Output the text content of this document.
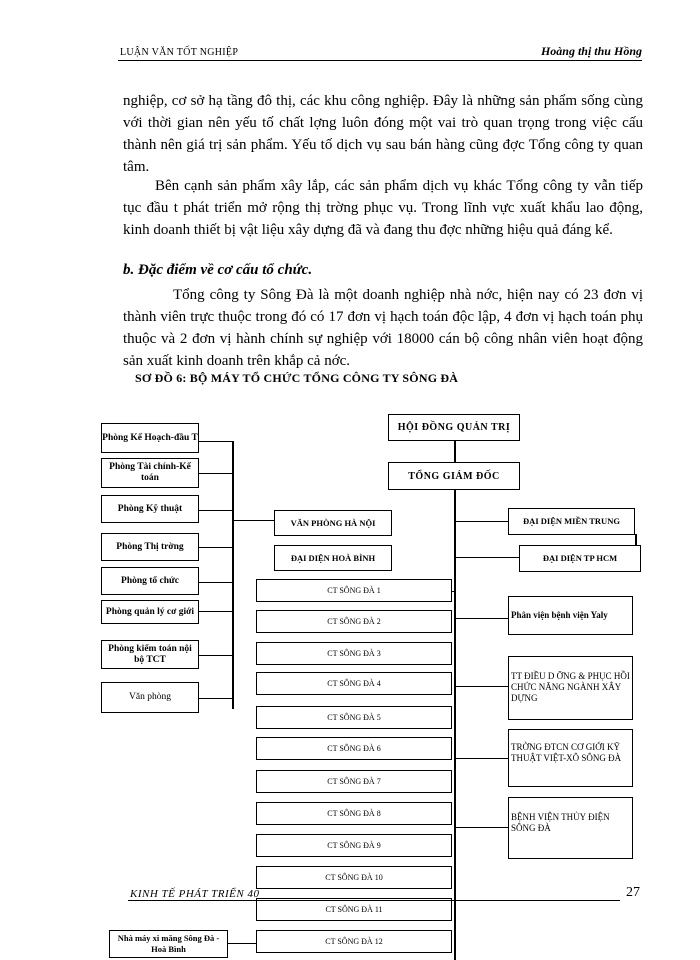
LUẬN VĂN TỐT NGHIỆP	Hoàng thị thu Hồng
nghiệp, cơ sở hạ tầng đô thị, các khu công nghiệp. Đây là những sản phẩm sống cùng với thời gian nên yếu tố chất lợng luôn đóng một vai trò quan trọng trong việc cấu thành nên giá trị sản phẩm. Yếu tố dịch vụ sau bán hàng cũng đợc Tổng công ty quan tâm.
Bên cạnh sản phẩm xây lắp, các sản phẩm dịch vụ khác Tổng công ty vẫn tiếp tục đầu t phát triển mở rộng thị trờng phục vụ. Trong lĩnh vực xuất khẩu lao động, kinh doanh thiết bị vật liệu xây dựng đã và đang thu đợc những hiệu quả đáng kể.
b. Đặc điểm về cơ cấu tổ chức.
Tổng công ty Sông Đà là một doanh nghiệp nhà nớc, hiện nay có 23 đơn vị thành viên trực thuộc trong đó có 17 đơn vị hạch toán độc lập, 4 đơn vị hạch toán phụ thuộc và 2 đơn vị hành chính sự nghiệp với 18000 cán bộ công nhân viên hoạt động sản xuất kinh doanh trên khắp cả nớc.
SƠ ĐỒ 6: BỘ MÁY TỔ CHỨC TỔNG CÔNG TY SÔNG ĐÀ
HỘI ĐỒNG QUẢN TRỊ
TỔNG GIÁM ĐỐC
Phòng Kế Hoạch-đầu T
Phòng Tài chính-Kế toán
Phòng Kỹ thuật
Phòng Thị trờng
Phòng tổ chức
Phòng quản lý cơ giới
Phòng kiểm toán nội bộ TCT
Văn phòng
VĂN PHÒNG HÀ NỘI
ĐẠI DIỆN HOÀ BÌNH
ĐẠI DIỆN MIỀN TRUNG
ĐẠI DIỆN TP HCM
CT SÔNG ĐÀ 1
CT SÔNG ĐÀ 2
CT SÔNG ĐÀ 3
CT SÔNG ĐÀ 4
CT SÔNG ĐÀ 5
CT SÔNG ĐÀ 6
CT SÔNG ĐÀ 7
CT SÔNG ĐÀ 8
CT SÔNG ĐÀ 9
CT SÔNG ĐÀ 10
CT SÔNG ĐÀ 11
CT SÔNG ĐÀ 12
Phân viện bệnh viện Yaly
TT ĐIỀU D ỠNG & PHỤC HỒI CHỨC NĂNG NGÀNH XÂY DỰNG
TRỜNG ĐTCN CƠ GIỚI KỸ THUẬT VIỆT-XÔ SÔNG ĐÀ
BỆNH VIỆN THỦY ĐIỆN SÔNG ĐÀ
Nhà máy xi măng Sông Đà - Hoà Bình
KINH TẾ PHÁT TRIỂN 40	27
